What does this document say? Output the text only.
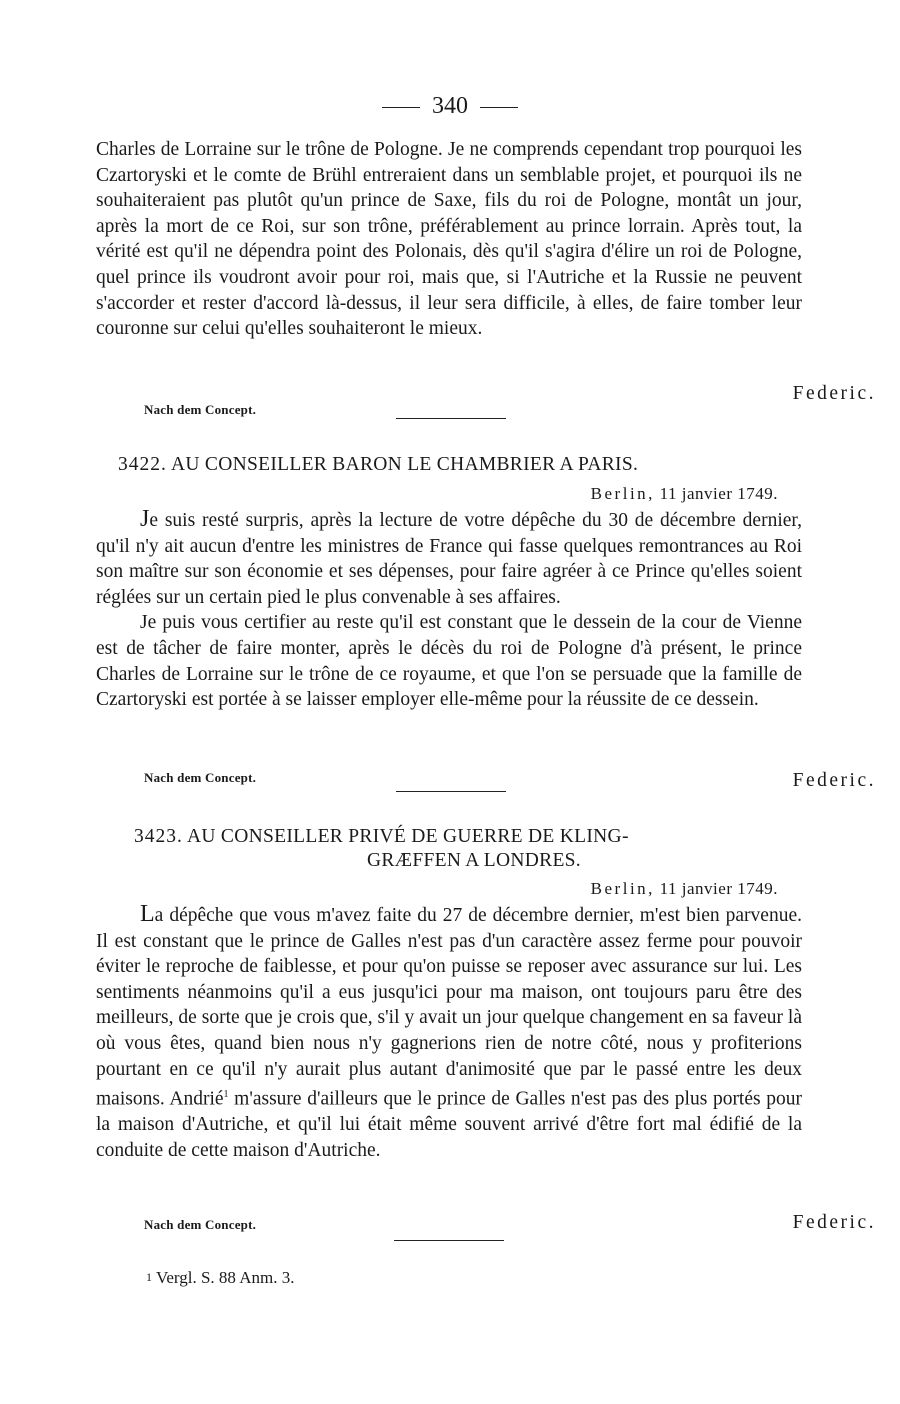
340

Charles de Lorraine sur le trône de Pologne. Je ne comprends cependant trop pourquoi les Czartoryski et le comte de Brühl entreraient dans un semblable projet, et pourquoi ils ne souhaiteraient pas plutôt qu'un prince de Saxe, fils du roi de Pologne, montât un jour, après la mort de ce Roi, sur son trône, préférablement au prince lorrain. Après tout, la vérité est qu'il ne dépendra point des Polonais, dès qu'il s'agira d'élire un roi de Pologne, quel prince ils voudront avoir pour roi, mais que, si l'Autriche et la Russie ne peuvent s'accorder et rester d'accord là-dessus, il leur sera difficile, à elles, de faire tomber leur couronne sur celui qu'elles souhaiteront le mieux.

Federic.
Nach dem Concept.
3422. AU CONSEILLER BARON LE CHAMBRIER A PARIS.
Berlin, 11 janvier 1749.

Je suis resté surpris, après la lecture de votre dépêche du 30 de décembre dernier, qu'il n'y ait aucun d'entre les ministres de France qui fasse quelques remontrances au Roi son maître sur son économie et ses dépenses, pour faire agréer à ce Prince qu'elles soient réglées sur un certain pied le plus convenable à ses affaires.

Je puis vous certifier au reste qu'il est constant que le dessein de la cour de Vienne est de tâcher de faire monter, après le décès du roi de Pologne d'à présent, le prince Charles de Lorraine sur le trône de ce royaume, et que l'on se persuade que la famille de Czartoryski est portée à se laisser employer elle-même pour la réussite de ce dessein.

Nach dem Concept.	Federic.
3423. AU CONSEILLER PRIVÉ DE GUERRE DE KLING-
GRÆFFEN A LONDRES.
Berlin, 11 janvier 1749.

La dépêche que vous m'avez faite du 27 de décembre dernier, m'est bien parvenue. Il est constant que le prince de Galles n'est pas d'un caractère assez ferme pour pouvoir éviter le reproche de faiblesse, et pour qu'on puisse se reposer avec assurance sur lui. Les sentiments néanmoins qu'il a eus jusqu'ici pour ma maison, ont toujours paru être des meilleurs, de sorte que je crois que, s'il y avait un jour quelque changement en sa faveur là où vous êtes, quand bien nous n'y gagnerions rien de notre côté, nous y profiterions pourtant en ce qu'il n'y aurait plus autant d'animosité que par le passé entre les deux maisons. Andrié$^1$ m'assure d'ailleurs que le prince de Galles n'est pas des plus portés pour la maison d'Autriche, et qu'il lui était même souvent arrivé d'être fort mal édifié de la conduite de cette maison d'Autriche.

Nach dem Concept.	Federic.
1 Vergl. S. 88 Anm. 3.
